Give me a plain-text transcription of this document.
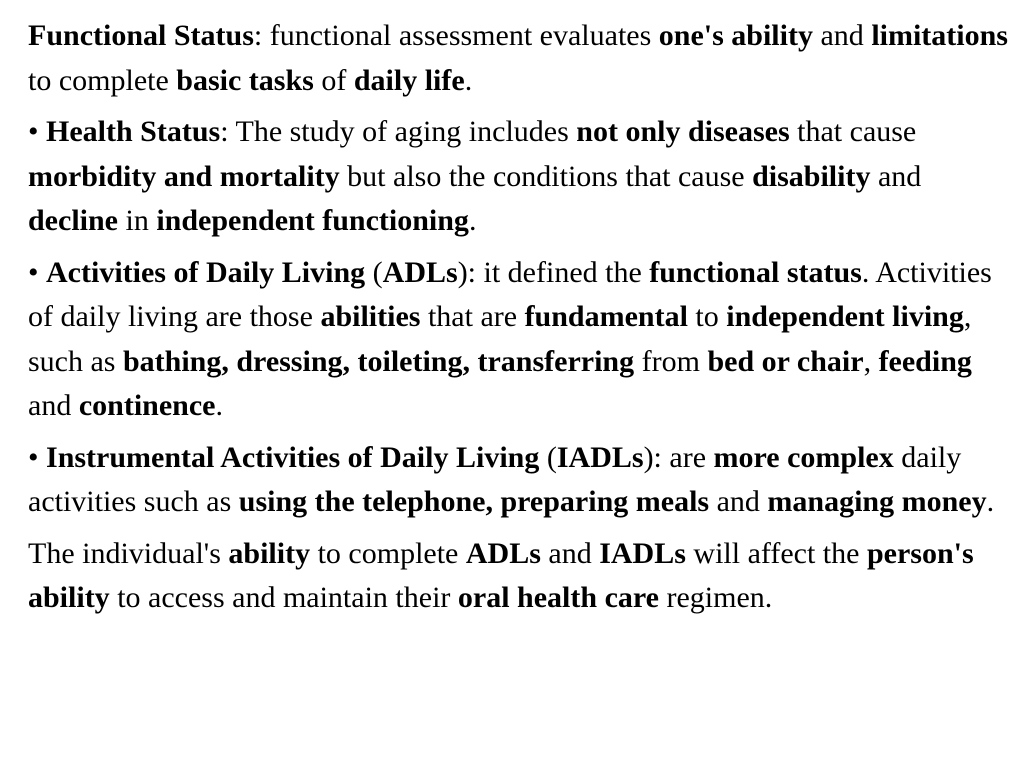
Functional Status: functional assessment evaluates one's ability and limitations to complete basic tasks of daily life.

• Health Status: The study of aging includes not only diseases that cause morbidity and mortality but also the conditions that cause disability and decline in independent functioning.

• Activities of Daily Living (ADLs): it defined the functional status. Activities of daily living are those abilities that are fundamental to independent living, such as bathing, dressing, toileting, transferring from bed or chair, feeding and continence.

• Instrumental Activities of Daily Living (IADLs): are more complex daily activities such as using the telephone, preparing meals and managing money.

The individual's ability to complete ADLs and IADLs will affect the person's ability to access and maintain their oral health care regimen.
